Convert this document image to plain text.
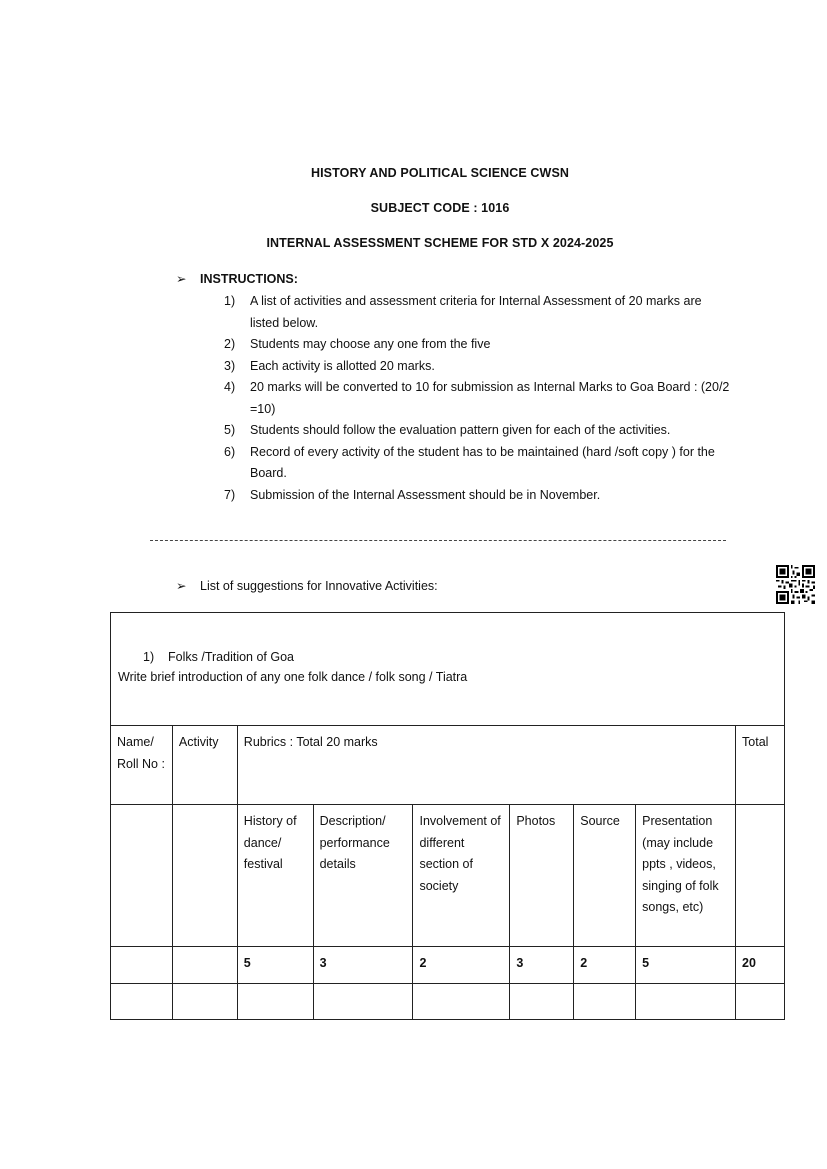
HISTORY AND POLITICAL SCIENCE CWSN
SUBJECT CODE : 1016
INTERNAL ASSESSMENT SCHEME FOR STD X 2024-2025
➢ INSTRUCTIONS:
1) A list of activities and assessment criteria for Internal Assessment of 20 marks are listed below.
2) Students may choose any one from the five
3) Each activity is allotted 20 marks.
4) 20 marks will be converted to 10 for submission as Internal Marks to Goa Board : (20/2 =10)
5) Students should follow the evaluation pattern given for each of the activities.
6) Record of every activity of the student has to be maintained (hard /soft copy ) for the Board.
7) Submission of the Internal Assessment should be in November.
➢ List of suggestions for Innovative Activities:
1) Folks /Tradition of Goa
Write brief introduction of any one folk dance / folk song / Tiatra								

Name/ Roll No :	Activity	Rubrics : Total 20 marks						Total
		History of dance/ festival	Description/ performance details	Involvement of different section of society	Photos	Source	Presentation (may include ppts , videos, singing of folk songs, etc)	
		5	3	2	3	2	5	20
